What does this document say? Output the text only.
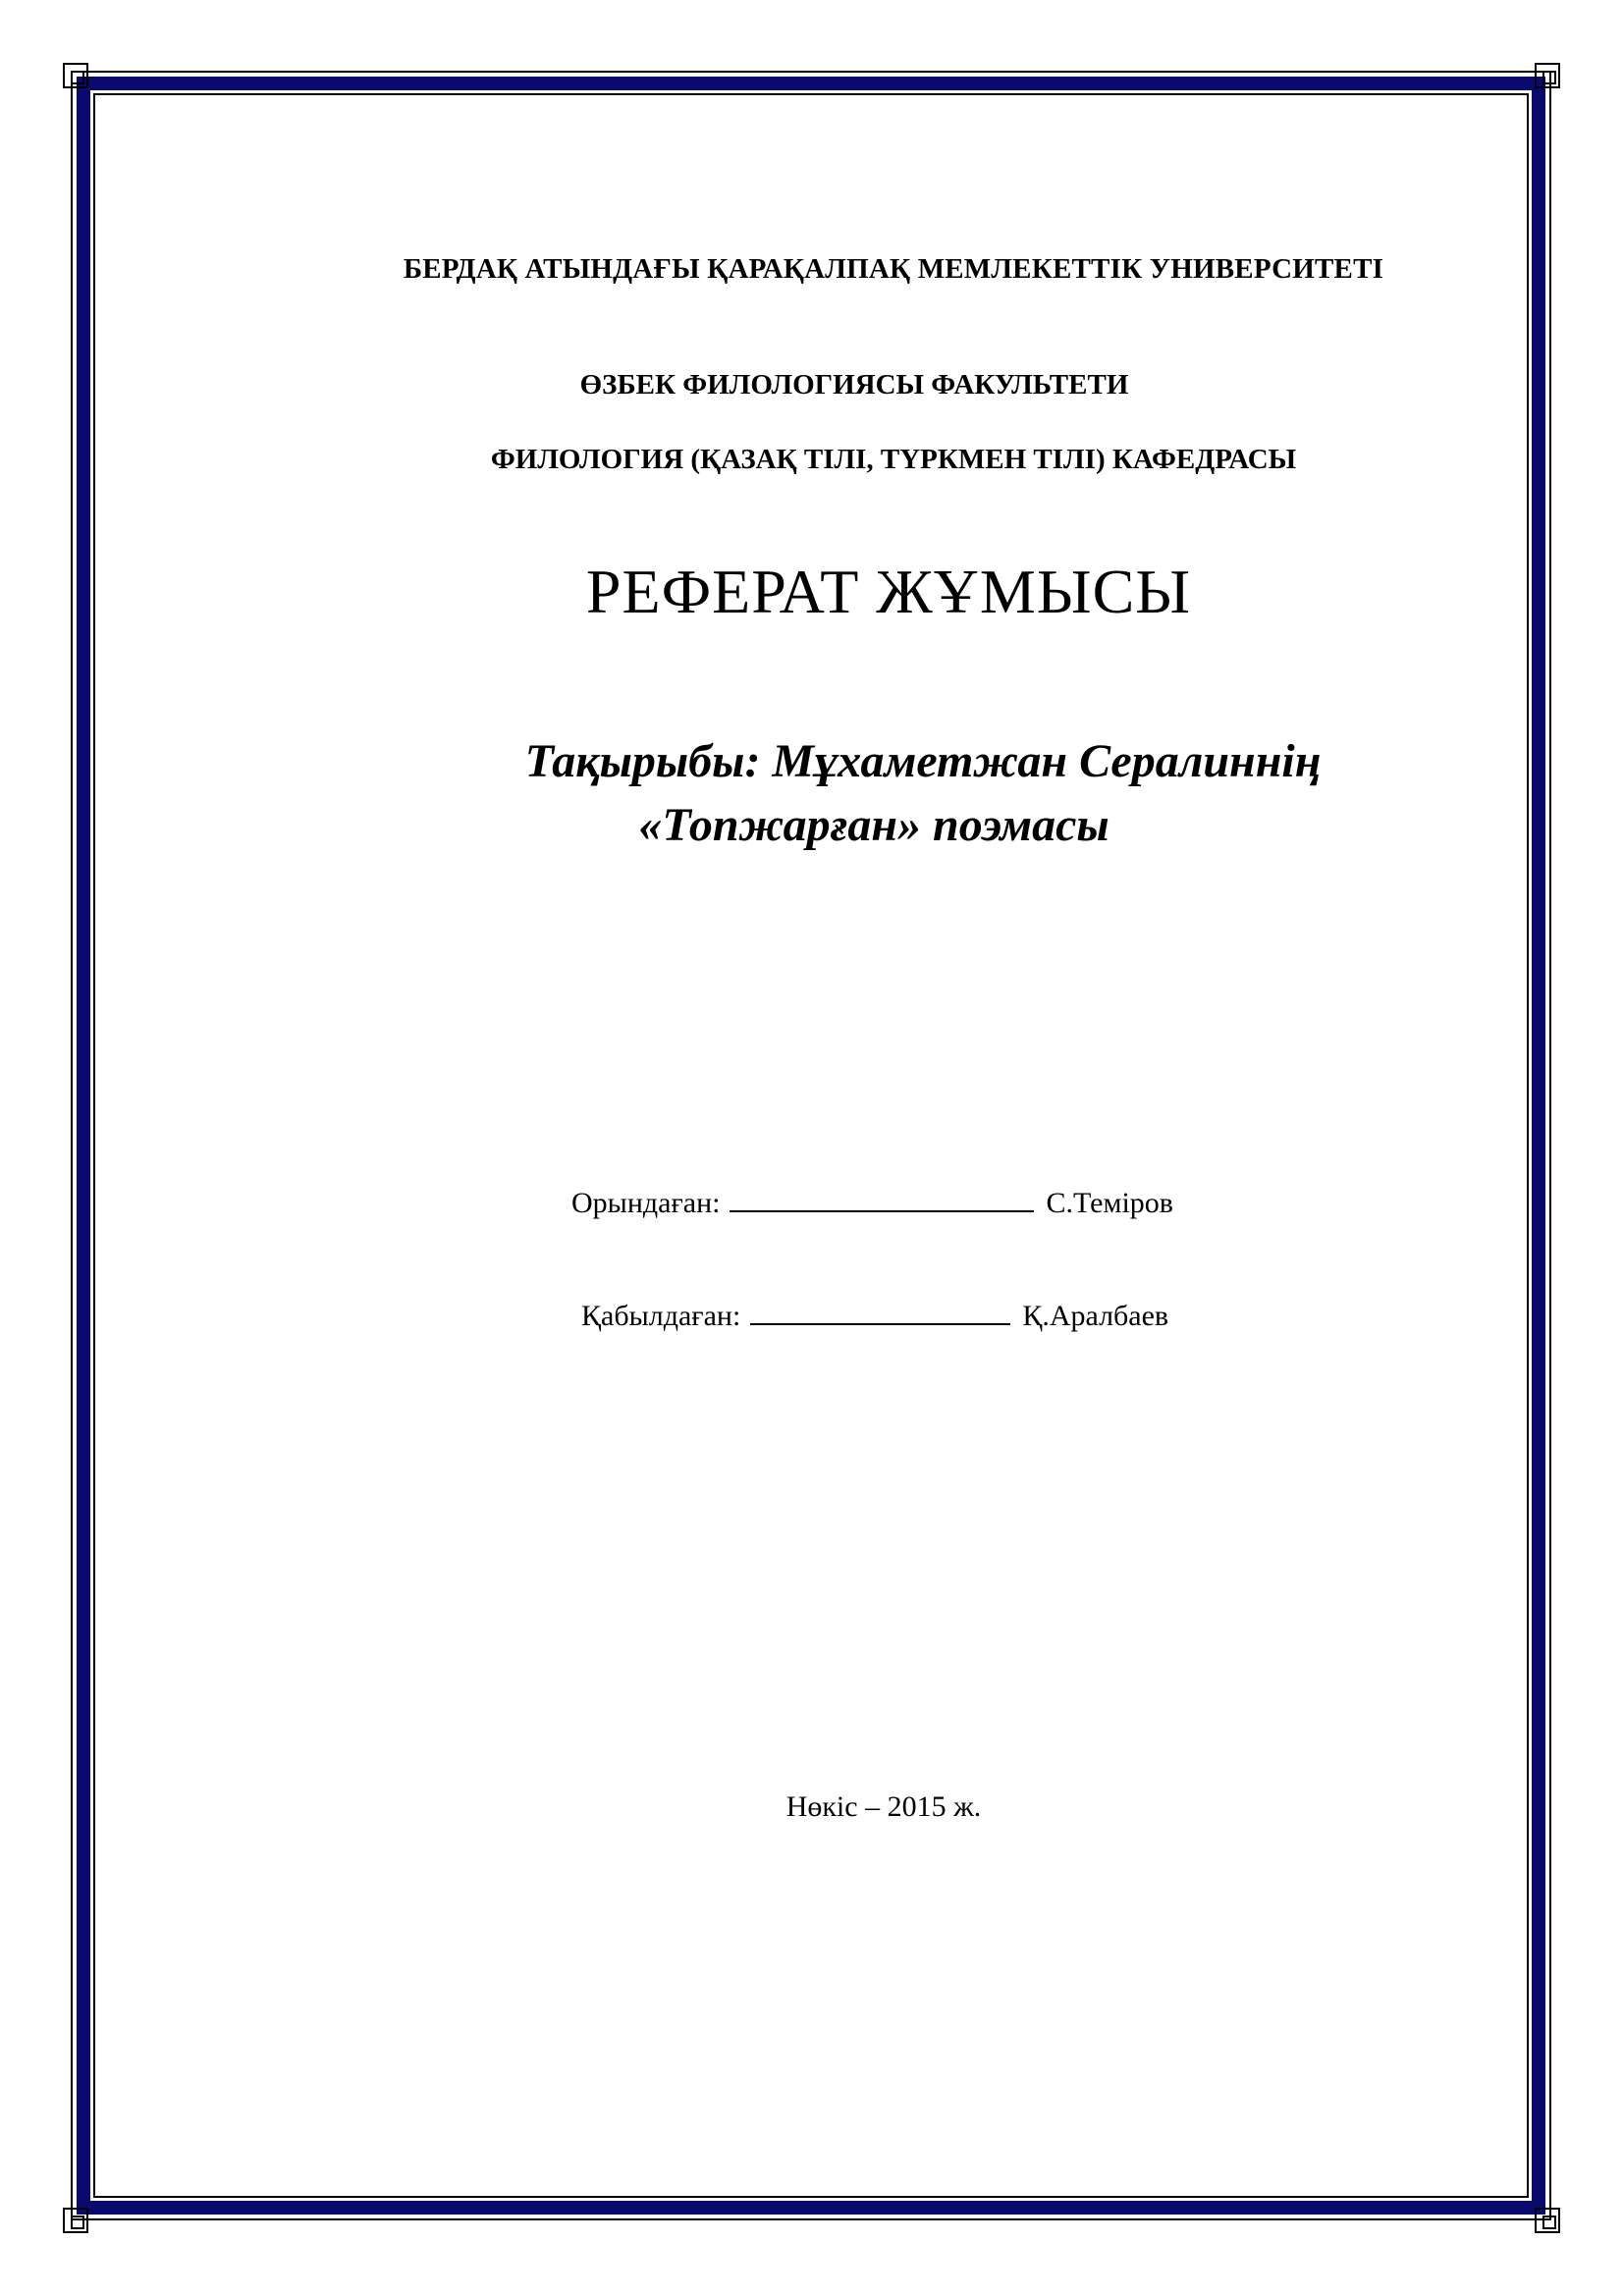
БЕРДАҚ АТЫНДАҒЫ ҚАРАҚАЛПАҚ МЕМЛЕКЕТТІК УНИВЕРСИТЕТІ
ӨЗБЕК ФИЛОЛОГИЯСЫ ФАКУЛЬТЕТИ
ФИЛОЛОГИЯ (ҚАЗАҚ ТІЛІ, ТҮРКМЕН ТІЛІ) КАФЕДРАСЫ
РЕФЕРАТ ЖҰМЫСЫ
Тақырыбы: Мұхаметжан Сералиннің
«Топжарған» поэмасы
Орындаған:	С.Теміров
Қабылдаған:	Қ.Аралбаев
Нөкіс – 2015 ж.
